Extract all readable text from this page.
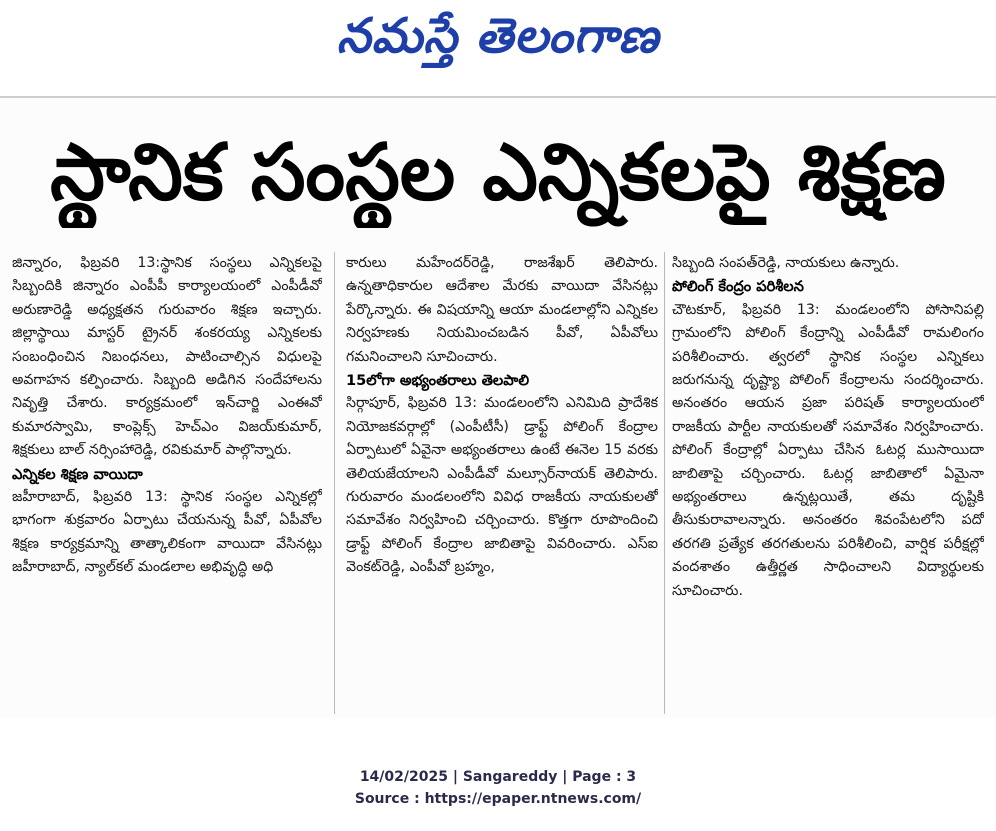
నమస్తే తెలంగాణ
స్థానిక సంస్థల ఎన్నికలపై శిక్షణ

జిన్నారం, ఫిబ్రవరి 13:స్థానిక సంస్థలు ఎన్నికలపై సిబ్బందికి జిన్నారం ఎంపీపీ కార్యాలయంలో ఎంపీడీవో అరుణారెడ్డి అధ్యక్షతన గురువారం శిక్షణ ఇచ్చారు. జిల్లాస్థాయి మాస్టర్ ట్రైనర్ శంకరయ్య ఎన్నికలకు సంబంధించిన నిబంధనలు, పాటించాల్సిన విధులపై అవగాహన కల్పించారు. సిబ్బంది అడిగిన సందేహాలను నివృత్తి చేశారు. కార్యక్రమంలో ఇన్‌చార్జి ఎంఈవో కుమారస్వామి, కాంప్లెక్స్ హెచ్‌ఎం విజయ్‌కుమార్, శిక్షకులు బాల్ నర్సింహారెడ్డి, రవికుమార్ పాల్గొన్నారు.

ఎన్నికల శిక్షణ వాయిదా

జహీరాబాద్, ఫిబ్రవరి 13: స్థానిక సంస్థల ఎన్నికల్లో భాగంగా శుక్రవారం ఏర్పాటు చేయనున్న పీవో, ఏపీవోల శిక్షణ కార్యక్రమాన్ని తాత్కాలికంగా వాయిదా వేసినట్లు జహీరాబాద్, న్యాల్‌కల్ మండలాల అభివృద్ధి అధి

కారులు మహేందర్‌రెడ్డి, రాజశేఖర్ తెలిపారు. ఉన్నతాధికారుల ఆదేశాల మేరకు వాయిదా వేసినట్లు పేర్కొన్నారు. ఈ విషయాన్ని ఆయా మండలాల్లోని ఎన్నికల నిర్వహణకు నియమించబడిన పీవో, ఏపీవోలు గమనించాలని సూచించారు.

15లోగా అభ్యంతరాలు తెలపాలి

సిర్గాపూర్, ఫిబ్రవరి 13: మండలంలోని ఎనిమిది ప్రాదేశిక నియోజకవర్గాల్లో (ఎంపీటీసీ) డ్రాఫ్ట్ పోలింగ్ కేంద్రాల ఏర్పాటులో ఏవైనా అభ్యంతరాలు ఉంటే ఈనెల 15 వరకు తెలియజేయాలని ఎంపీడీవో మల్సూర్‌నాయక్ తెలిపారు. గురువారం మండలంలోని వివిధ రాజకీయ నాయకులతో సమావేశం నిర్వహించి చర్చించారు. కొత్తగా రూపొందించి డ్రాఫ్ట్ పోలింగ్ కేంద్రాల జాబితాపై వివరించారు. ఎస్‌ఐ వెంకట్‌రెడ్డి, ఎంపీవో బ్రహ్మం,

సిబ్బంది సంపత్‌రెడ్డి, నాయకులు ఉన్నారు.

పోలింగ్ కేంద్రం పరిశీలన

చౌటకూర్, ఫిబ్రవరి 13: మండలంలోని పోసానిపల్లి గ్రామంలోని పోలింగ్ కేంద్రాన్ని ఎంపీడీవో రామలింగం పరిశీలించారు. త్వరలో స్థానిక సంస్థల ఎన్నికలు జరుగనున్న దృష్ట్యా పోలింగ్ కేంద్రాలను సందర్శించారు. అనంతరం ఆయన ప్రజా పరిషత్ కార్యాలయంలో రాజకీయ పార్టీల నాయకులతో సమావేశం నిర్వహించారు. పోలింగ్ కేంద్రాల్లో ఏర్పాటు చేసిన ఓటర్ల ముసాయిదా జాబితాపై చర్చించారు. ఓటర్ల జాబితాలో ఏమైనా అభ్యంతరాలు ఉన్నట్లయితే, తమ దృష్టికి తీసుకురావాలన్నారు. అనంతరం శివంపేటలోని పదో తరగతి ప్రత్యేక తరగతులను పరిశీలించి, వార్షిక పరీక్షల్లో వందశాతం ఉత్తీర్ణత సాధించాలని విద్యార్థులకు సూచించారు.

14/02/2025 | Sangareddy | Page : 3
Source : https://epaper.ntnews.com/
